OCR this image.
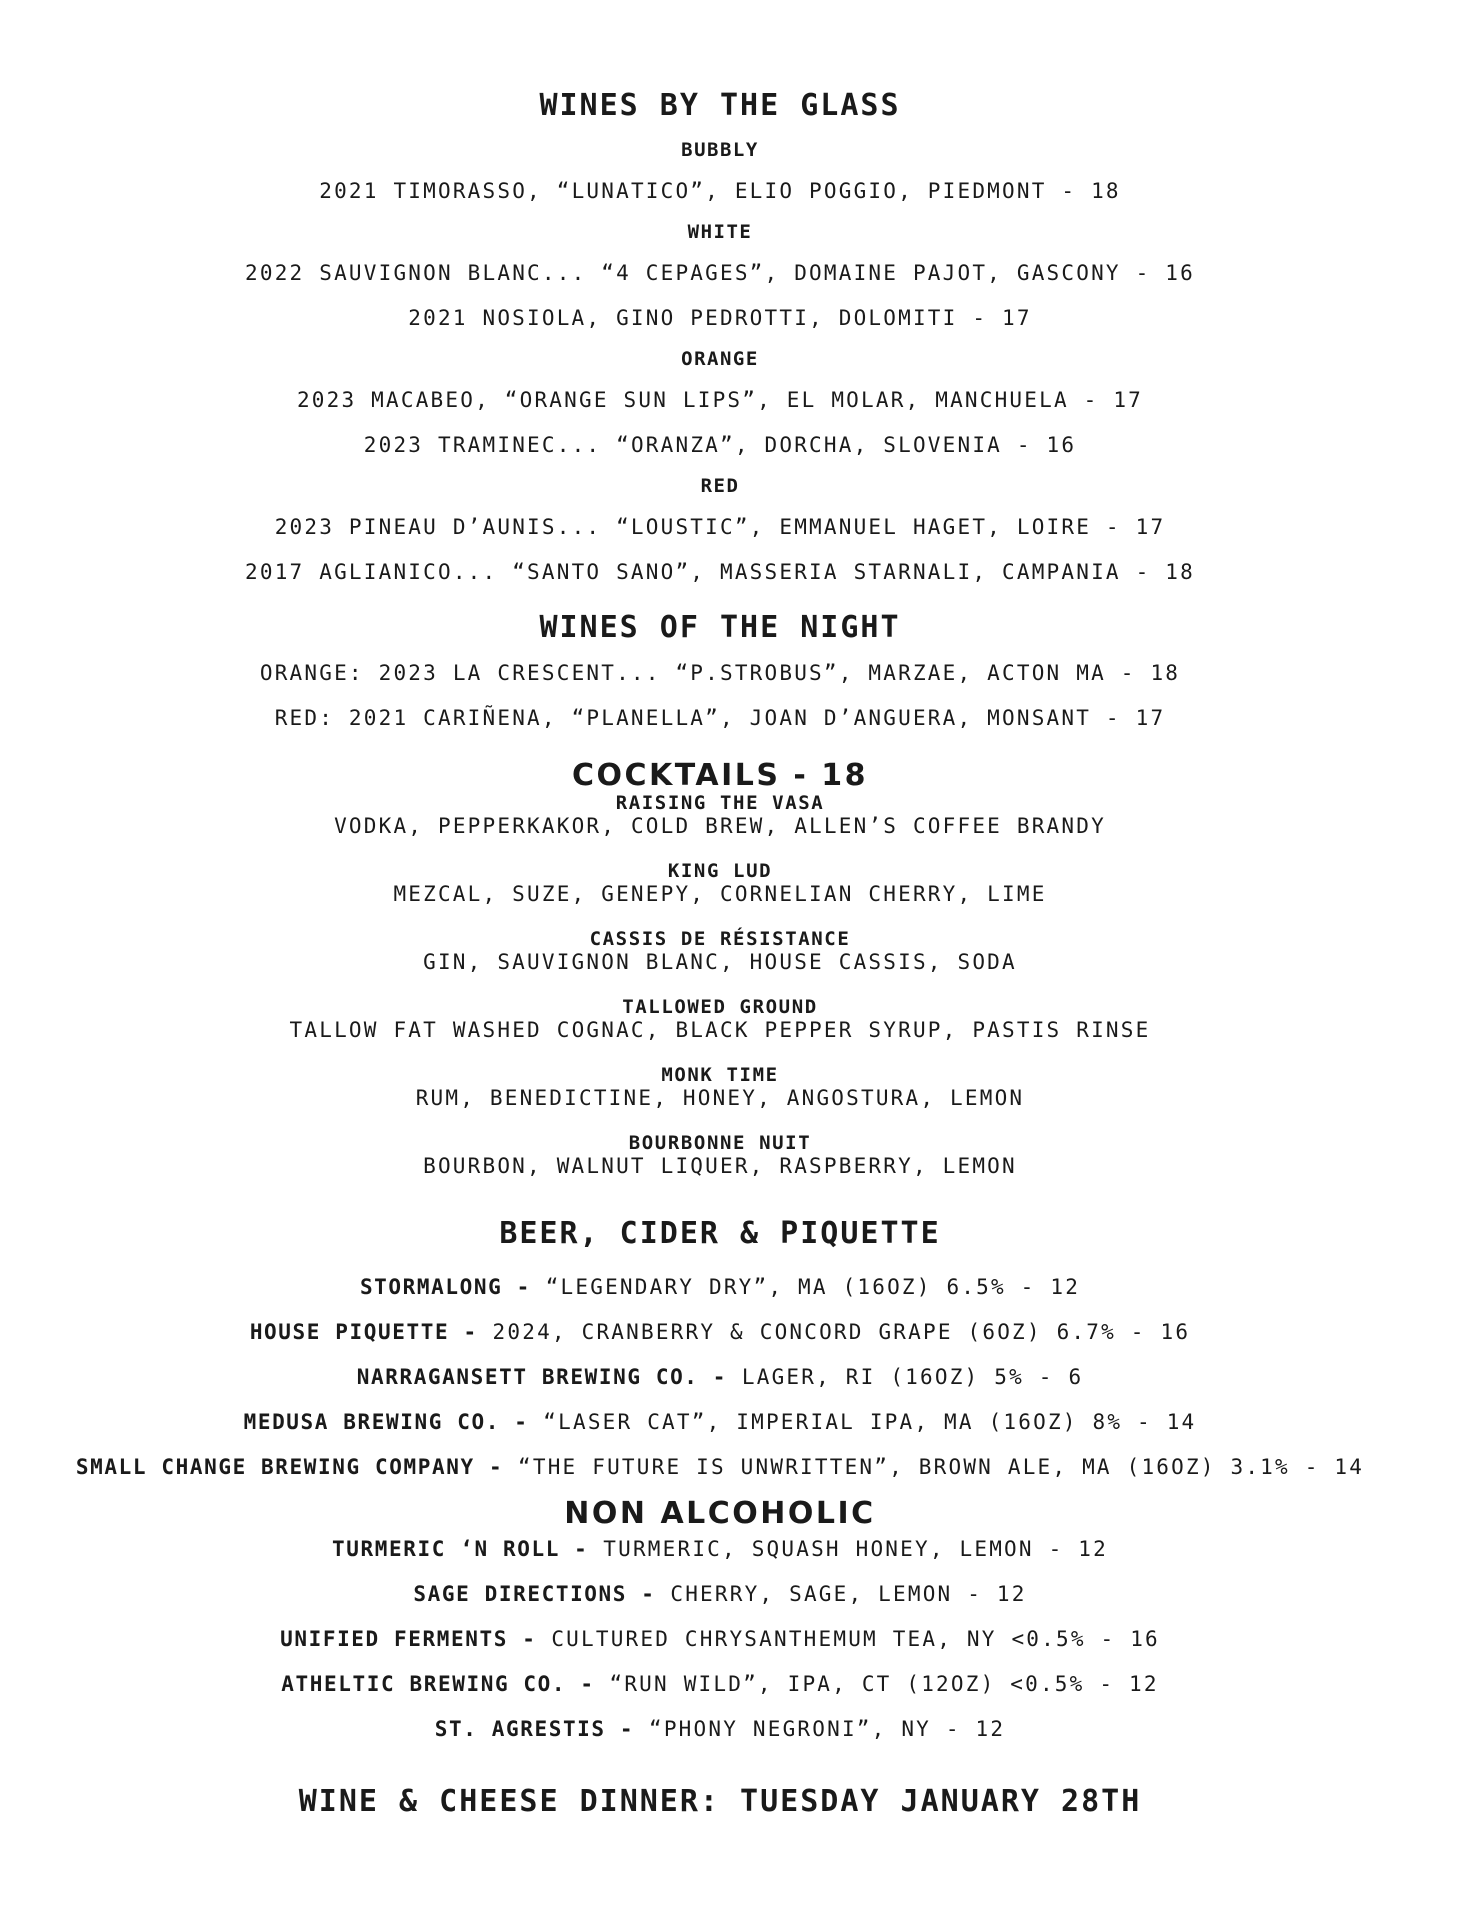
WINES BY THE GLASS
BUBBLY
2021 TIMORASSO, “LUNATICO”, ELIO POGGIO, PIEDMONT - 18
WHITE
2022 SAUVIGNON BLANC... “4 CEPAGES”, DOMAINE PAJOT, GASCONY - 16
2021 NOSIOLA, GINO PEDROTTI, DOLOMITI - 17
ORANGE
2023 MACABEO, “ORANGE SUN LIPS”, EL MOLAR, MANCHUELA - 17
2023 TRAMINEC... “ORANZA”, DORCHA, SLOVENIA - 16
RED
2023 PINEAU D’AUNIS... “LOUSTIC”, EMMANUEL HAGET, LOIRE - 17
2017 AGLIANICO... “SANTO SANO”, MASSERIA STARNALI, CAMPANIA - 18
WINES OF THE NIGHT
ORANGE: 2023 LA CRESCENT... “P.STROBUS”, MARZAE, ACTON MA - 18
RED: 2021 CARIÑENA, “PLANELLA”, JOAN D’ANGUERA, MONSANT - 17
COCKTAILS - 18
RAISING THE VASA
VODKA, PEPPERKAKOR, COLD BREW, ALLEN’S COFFEE BRANDY
KING LUD
MEZCAL, SUZE, GENEPY, CORNELIAN CHERRY, LIME
CASSIS DE RÉSISTANCE
GIN, SAUVIGNON BLANC, HOUSE CASSIS, SODA
TALLOWED GROUND
TALLOW FAT WASHED COGNAC, BLACK PEPPER SYRUP, PASTIS RINSE
MONK TIME
RUM, BENEDICTINE, HONEY, ANGOSTURA, LEMON
BOURBONNE NUIT
BOURBON, WALNUT LIQUER, RASPBERRY, LEMON
BEER, CIDER & PIQUETTE
STORMALONG - “LEGENDARY DRY”, MA (16OZ) 6.5% - 12
HOUSE PIQUETTE - 2024, CRANBERRY & CONCORD GRAPE (6OZ) 6.7% - 16
NARRAGANSETT BREWING CO. - LAGER, RI (16OZ) 5% - 6
MEDUSA BREWING CO. - “LASER CAT”, IMPERIAL IPA, MA (16OZ) 8% - 14
SMALL CHANGE BREWING COMPANY - “THE FUTURE IS UNWRITTEN”, BROWN ALE, MA (16OZ) 3.1% - 14
NON ALCOHOLIC
TURMERIC ‘N ROLL - TURMERIC, SQUASH HONEY, LEMON - 12
SAGE DIRECTIONS - CHERRY, SAGE, LEMON - 12
UNIFIED FERMENTS - CULTURED CHRYSANTHEMUM TEA, NY <0.5% - 16
ATHELTIC BREWING CO. - “RUN WILD”, IPA, CT (12OZ) <0.5% - 12
ST. AGRESTIS - “PHONY NEGRONI”, NY - 12
WINE & CHEESE DINNER: TUESDAY JANUARY 28TH
